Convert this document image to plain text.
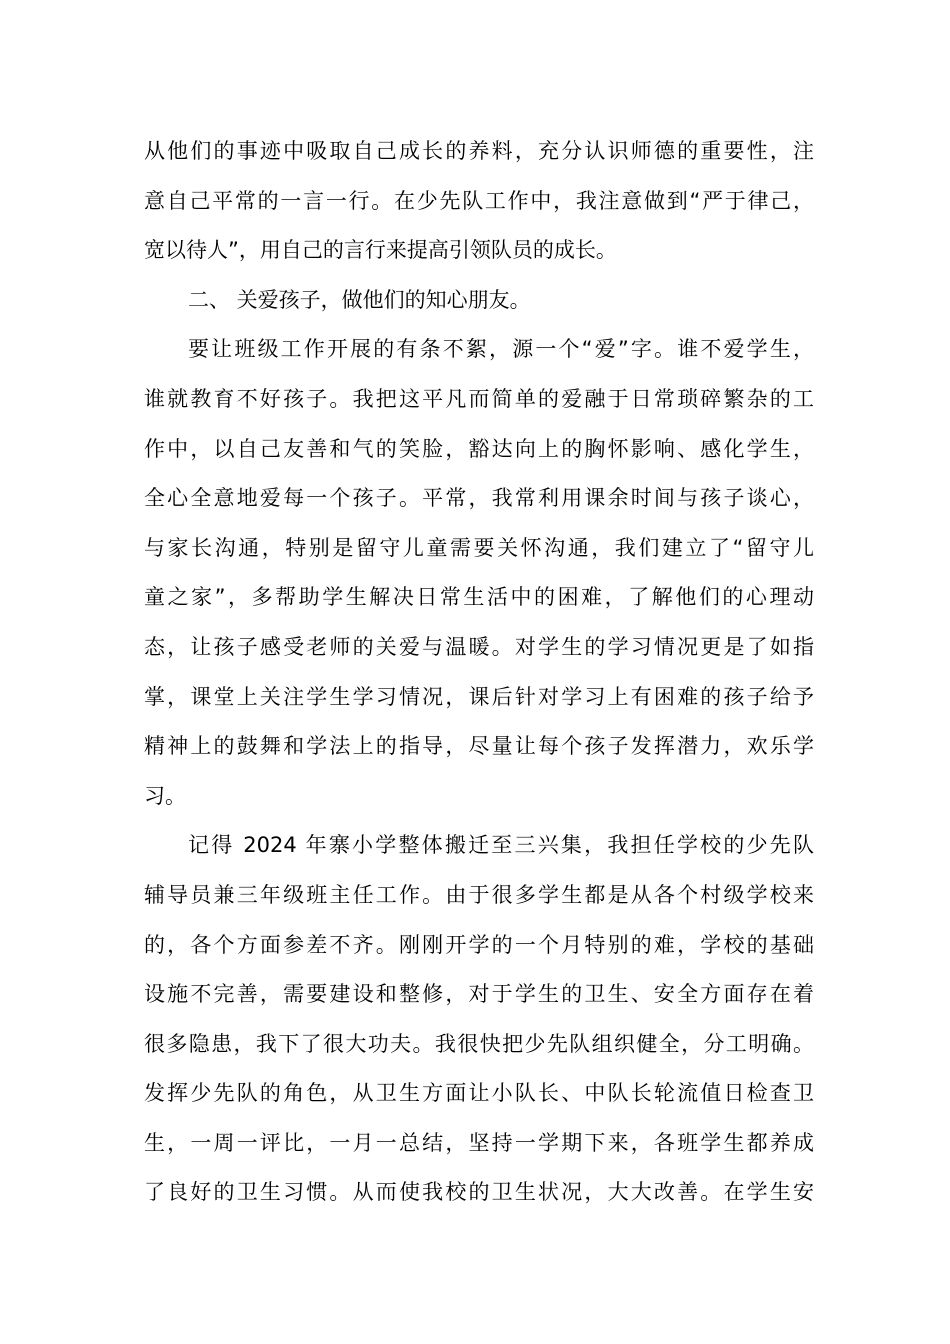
从他们的事迹中吸取自己成长的养料，充分认识师德的重要性，注
意自己平常的一言一行。在少先队工作中，我注意做到“严于律己，
宽以待人”，用自己的言行来提高引领队员的成长。
二、 关爱孩子，做他们的知心朋友。
要让班级工作开展的有条不絮，源一个“爱”字。谁不爱学生，
谁就教育不好孩子。我把这平凡而简单的爱融于日常琐碎繁杂的工
作中，以自己友善和气的笑脸，豁达向上的胸怀影响、感化学生，
全心全意地爱每一个孩子。平常，我常利用课余时间与孩子谈心，
与家长沟通，特别是留守儿童需要关怀沟通，我们建立了“留守儿
童之家”，多帮助学生解决日常生活中的困难，了解他们的心理动
态，让孩子感受老师的关爱与温暖。对学生的学习情况更是了如指
掌，课堂上关注学生学习情况，课后针对学习上有困难的孩子给予
精神上的鼓舞和学法上的指导，尽量让每个孩子发挥潜力，欢乐学
习。
记得 2024 年寨小学整体搬迁至三兴集，我担任学校的少先队
辅导员兼三年级班主任工作。由于很多学生都是从各个村级学校来
的，各个方面参差不齐。刚刚开学的一个月特别的难，学校的基础
设施不完善，需要建设和整修，对于学生的卫生、安全方面存在着
很多隐患，我下了很大功夫。我很快把少先队组织健全，分工明确。
发挥少先队的角色，从卫生方面让小队长、中队长轮流值日检查卫
生，一周一评比，一月一总结，坚持一学期下来，各班学生都养成
了良好的卫生习惯。从而使我校的卫生状况，大大改善。在学生安
